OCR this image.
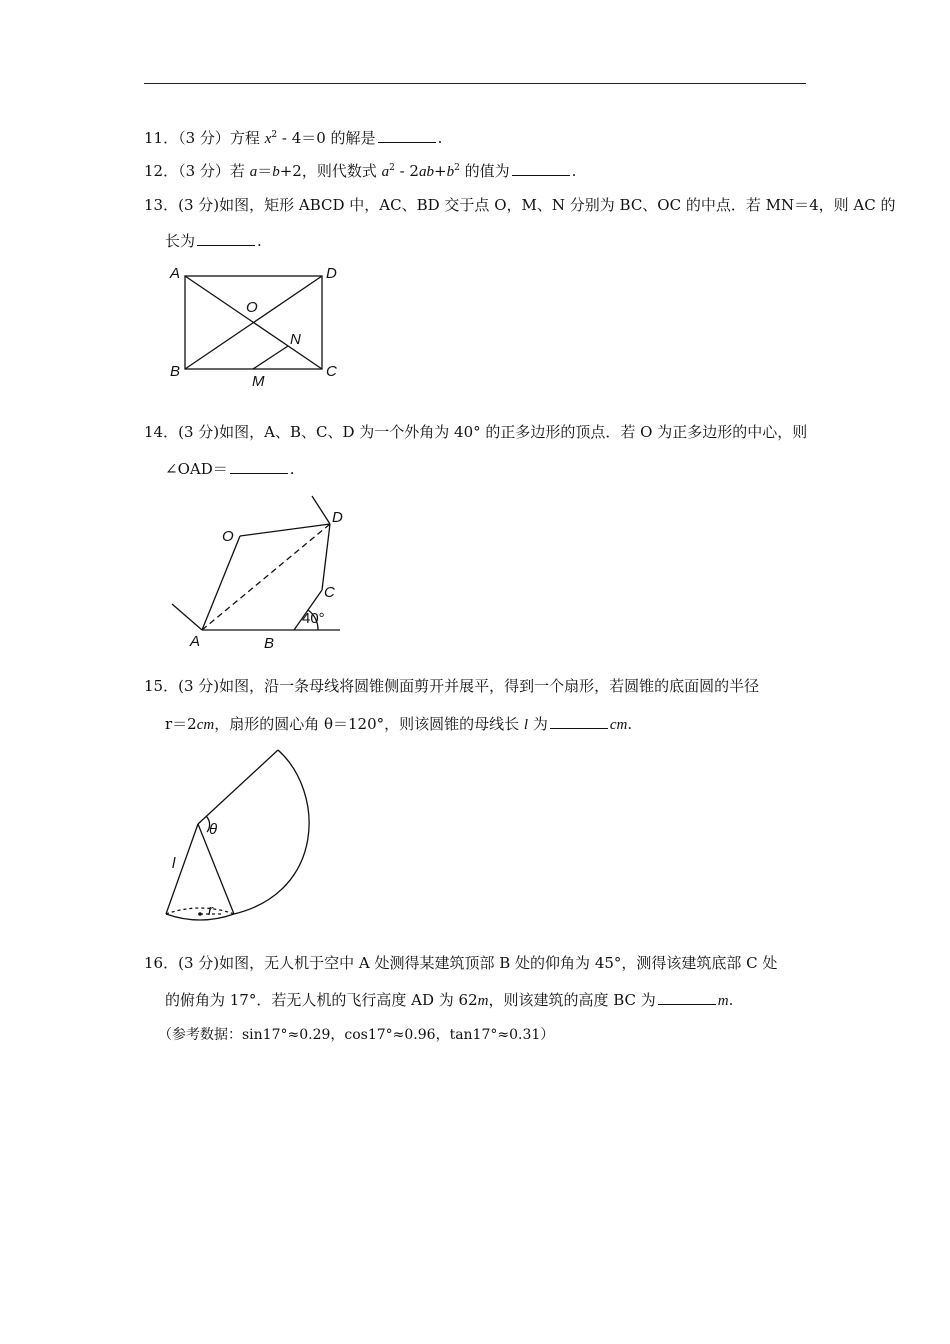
11．（3 分）方程 $x^2 - 4=0$ 的解是	.
12．（3 分）若 a＝b+2，则代数式 $a^2 - 2ab+b^2$ 的值为	.
13．(3 分)如图，矩形 ABCD 中，AC、BD 交于点 O，M、N 分别为 BC、OC 的中点．若 MN＝4，则 AC 的
长为	.
A	D
O
N
B
M
C
14．(3 分)如图，A、B、C、D 为一个外角为 40° 的正多边形的顶点．若 O 为正多边形的中心，则
∠OAD＝	.
O
D
C
A	B
40°
15．(3 分)如图，沿一条母线将圆锥侧面剪开并展平，得到一个扇形，若圆锥的底面圆的半径
r＝2cm，扇形的圆心角 θ＝120°，则该圆锥的母线长 l 为	cm.
θ
l
r
16．(3 分)如图，无人机于空中 A 处测得某建筑顶部 B 处的仰角为 45°，测得该建筑底部 C 处
的俯角为 17°．若无人机的飞行高度 AD 为 62m，则该建筑的高度 BC 为	m.
（参考数据：sin17°≈0.29，cos17°≈0.96，tan17°≈0.31）
